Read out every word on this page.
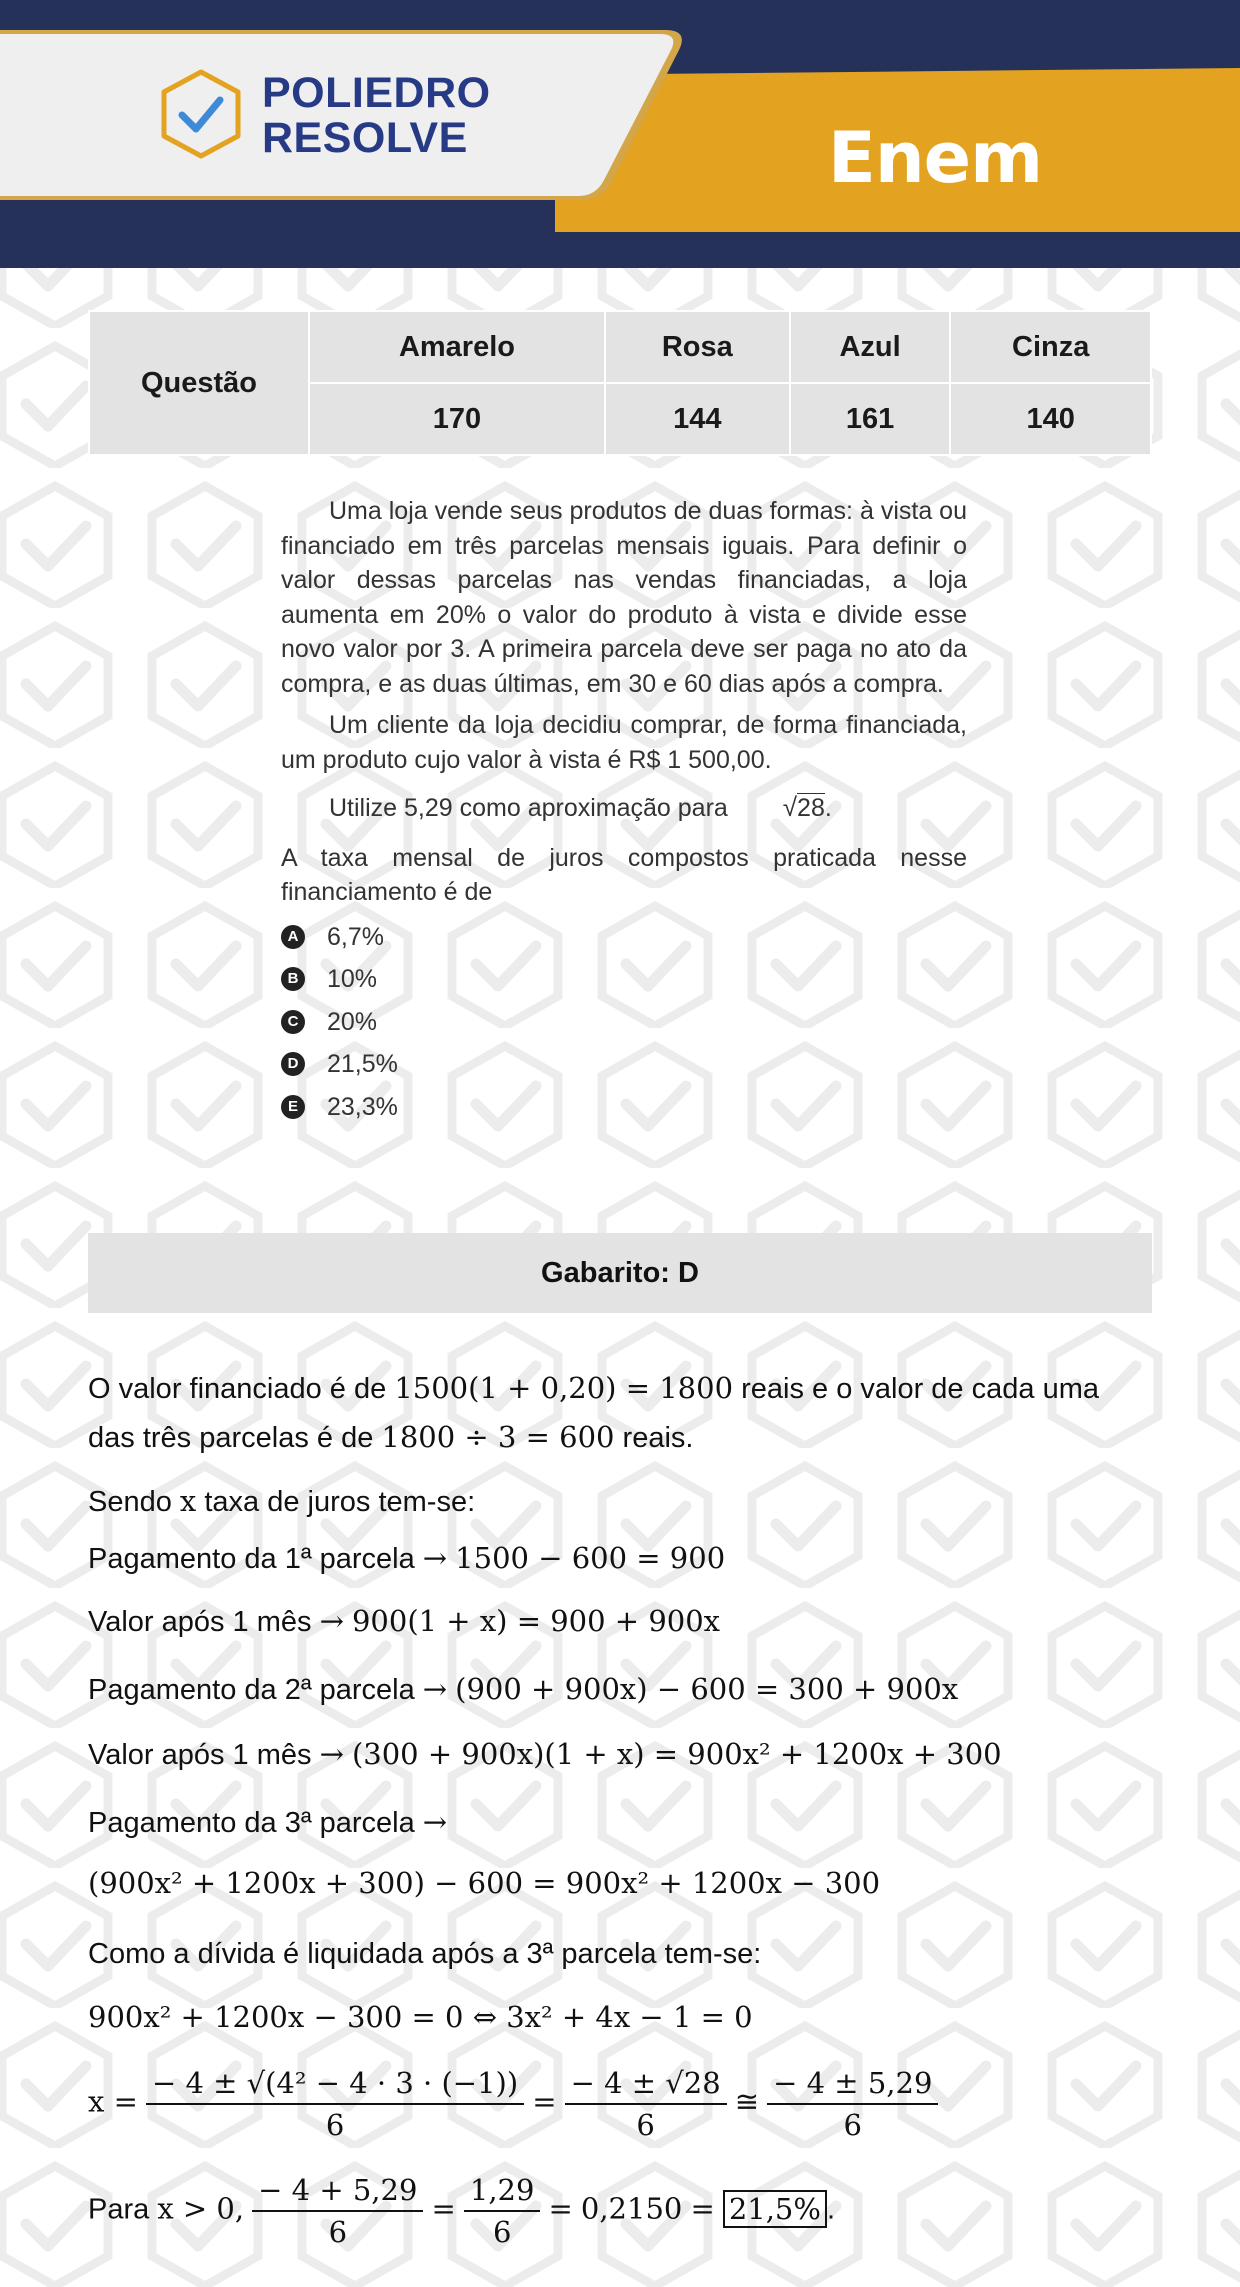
POLIEDRO
RESOLVE	Enem
Questão	Amarelo	Rosa	Azul	Cinza
	170	144	161	140

Uma loja vende seus produtos de duas formas: à vista ou financiado em três parcelas mensais iguais. Para definir o valor dessas parcelas nas vendas financiadas, a loja aumenta em 20% o valor do produto à vista e divide esse novo valor por 3. A primeira parcela deve ser paga no ato da compra, e as duas últimas, em 30 e 60 dias após a compra.

Um cliente da loja decidiu comprar, de forma financiada, um produto cujo valor à vista é R$ 1 500,00.

Utilize 5,29 como aproximação para √28.

A taxa mensal de juros compostos praticada nesse financiamento é de

A 6,7%
B 10%
C 20%
D 21,5%
E 23,3%
Gabarito: D
O valor financiado é de 1500(1 + 0,20) = 1800 reais e o valor de cada uma
das três parcelas é de 1800 ÷ 3 = 600 reais.
Sendo x taxa de juros tem-se:
Pagamento da 1ª parcela → 1500 − 600 = 900
Valor após 1 mês → 900(1 + x) = 900 + 900x
Pagamento da 2ª parcela → (900 + 900x) − 600 = 300 + 900x
Valor após 1 mês → (300 + 900x)(1 + x) = 900x² + 1200x + 300
Pagamento da 3ª parcela →
(900x² + 1200x + 300) − 600 = 900x² + 1200x − 300
Como a dívida é liquidada após a 3ª parcela tem-se:
900x² + 1200x − 300 = 0 ⇔ 3x² + 4x − 1 = 0
$x = \frac{\text{− 4 ± √(4² − 4 · 3 · (−1))}}{6} = \frac{- 4 \pm √28}{6}$ ≅ $\frac{- 4 \pm 5,29}{6}$
Para x > 0, $\frac{- 4 + 5,29}{6} = \frac{1,29}{6} = 0,2150 = 21,5\%$ .
